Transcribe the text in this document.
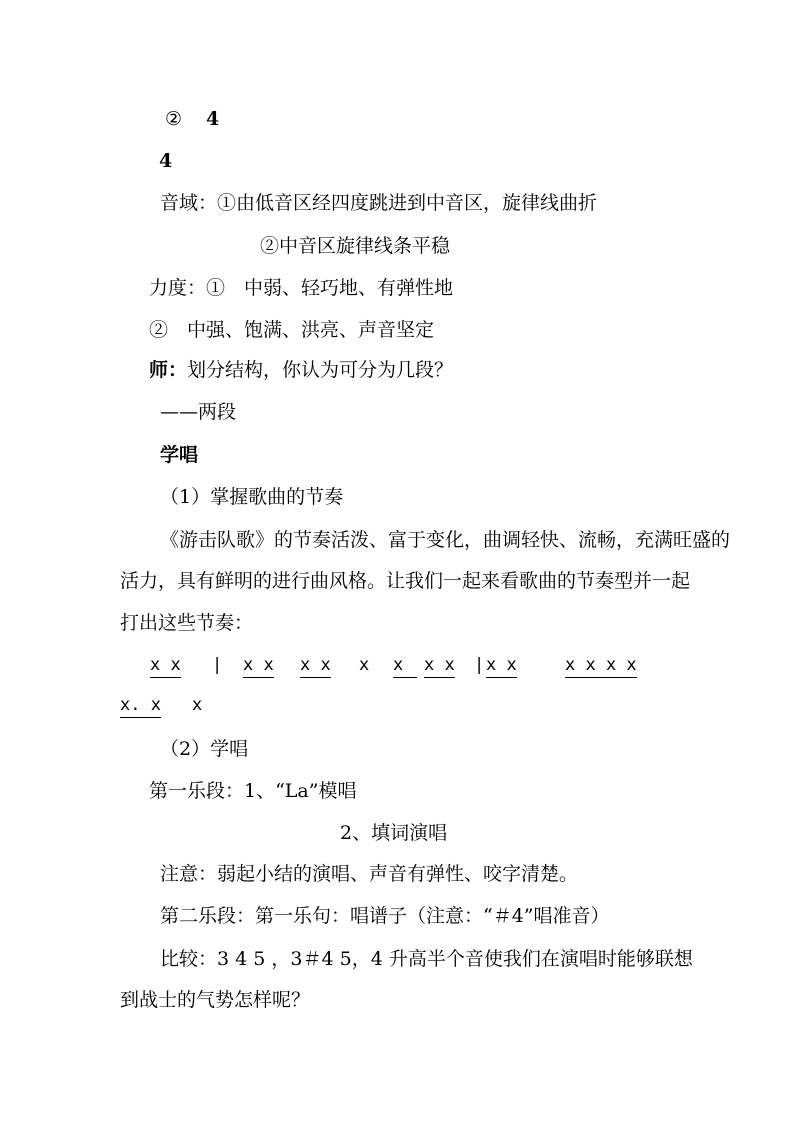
② 4
4
音域：①由低音区经四度跳进到中音区，旋律线曲折
②中音区旋律线条平稳
力度：①　中弱、轻巧地、有弹性地
②　中强、饱满、洪亮、声音坚定
师：划分结构，你认为可分为几段？
——两段
学唱
（1）掌握歌曲的节奏
《游击队歌》的节奏活泼、富于变化，曲调轻快、流畅，充满旺盛的
活力，具有鲜明的进行曲风格。让我们一起来看歌曲的节奏型并一起
打出这些节奏：
x x | x x x x x x	x x | x x	x x x x
x. x x
（2）学唱
第一乐段：1、“La”模唱
2、填词演唱
注意：弱起小结的演唱、声音有弹性、咬字清楚。
第二乐段：第一乐句：唱谱子（注意：“＃4”唱准音）
比较：3 4 5 ，3＃4 5，4 升高半个音使我们在演唱时能够联想
到战士的气势怎样呢？
